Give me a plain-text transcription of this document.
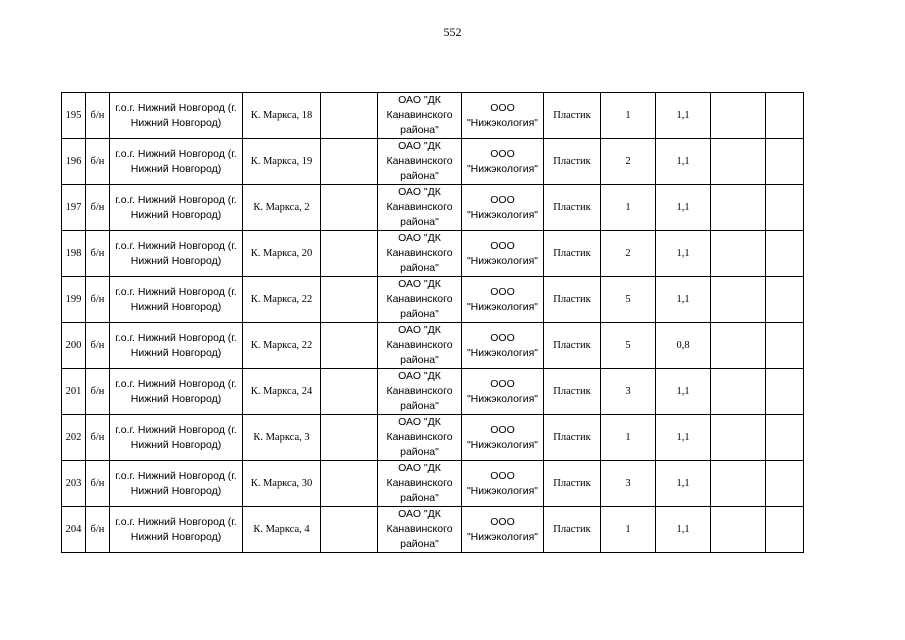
552
195	б/н	г.о.г. Нижний Новгород (г. Нижний Новгород)	К. Маркса, 18		ОАО "ДК Канавинского района"	ООО "Нижэкология"	Пластик	1	1,1		
196	б/н	г.о.г. Нижний Новгород (г. Нижний Новгород)	К. Маркса, 19		ОАО "ДК Канавинского района"	ООО "Нижэкология"	Пластик	2	1,1		
197	б/н	г.о.г. Нижний Новгород (г. Нижний Новгород)	К. Маркса, 2		ОАО "ДК Канавинского района"	ООО "Нижэкология"	Пластик	1	1,1		
198	б/н	г.о.г. Нижний Новгород (г. Нижний Новгород)	К. Маркса, 20		ОАО "ДК Канавинского района"	ООО "Нижэкология"	Пластик	2	1,1		
199	б/н	г.о.г. Нижний Новгород (г. Нижний Новгород)	К. Маркса, 22		ОАО "ДК Канавинского района"	ООО "Нижэкология"	Пластик	5	1,1		
200	б/н	г.о.г. Нижний Новгород (г. Нижний Новгород)	К. Маркса, 22		ОАО "ДК Канавинского района"	ООО "Нижэкология"	Пластик	5	0,8		
201	б/н	г.о.г. Нижний Новгород (г. Нижний Новгород)	К. Маркса, 24		ОАО "ДК Канавинского района"	ООО "Нижэкология"	Пластик	3	1,1		
202	б/н	г.о.г. Нижний Новгород (г. Нижний Новгород)	К. Маркса, 3		ОАО "ДК Канавинского района"	ООО "Нижэкология"	Пластик	1	1,1		
203	б/н	г.о.г. Нижний Новгород (г. Нижний Новгород)	К. Маркса, 30		ОАО "ДК Канавинского района"	ООО "Нижэкология"	Пластик	3	1,1		
204	б/н	г.о.г. Нижний Новгород (г. Нижний Новгород)	К. Маркса, 4		ОАО "ДК Канавинского района"	ООО "Нижэкология"	Пластик	1	1,1		
